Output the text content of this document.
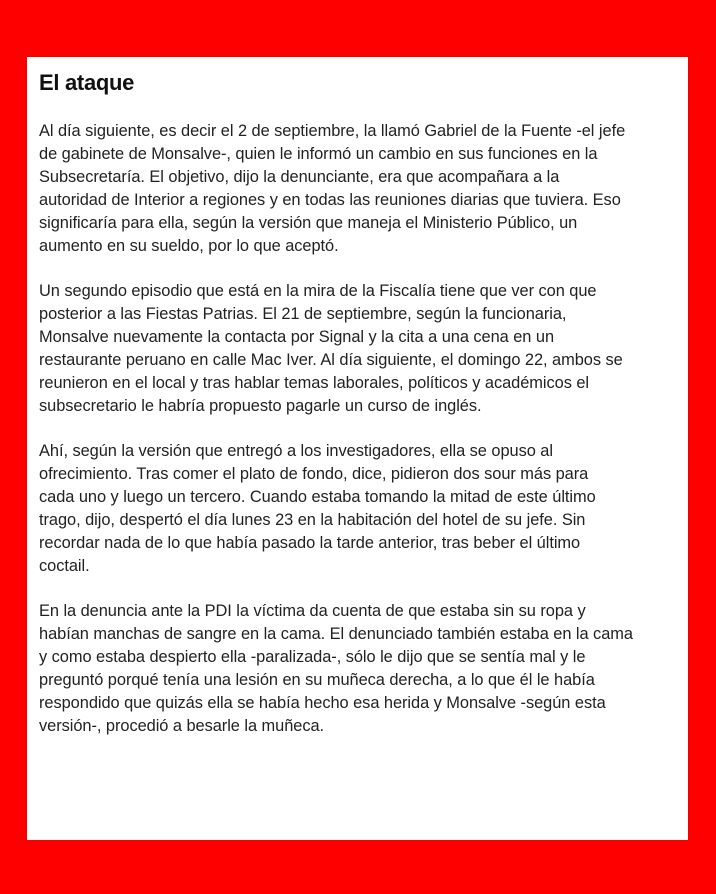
El ataque

Al día siguiente, es decir el 2 de septiembre, la llamó Gabriel de la Fuente -el jefe
de gabinete de Monsalve-, quien le informó un cambio en sus funciones en la
Subsecretaría. El objetivo, dijo la denunciante, era que acompañara a la
autoridad de Interior a regiones y en todas las reuniones diarias que tuviera. Eso
significaría para ella, según la versión que maneja el Ministerio Público, un
aumento en su sueldo, por lo que aceptó.

Un segundo episodio que está en la mira de la Fiscalía tiene que ver con que
posterior a las Fiestas Patrias. El 21 de septiembre, según la funcionaria,
Monsalve nuevamente la contacta por Signal y la cita a una cena en un
restaurante peruano en calle Mac Iver. Al día siguiente, el domingo 22, ambos se
reunieron en el local y tras hablar temas laborales, políticos y académicos el
subsecretario le habría propuesto pagarle un curso de inglés.

Ahí, según la versión que entregó a los investigadores, ella se opuso al
ofrecimiento. Tras comer el plato de fondo, dice, pidieron dos sour más para
cada uno y luego un tercero. Cuando estaba tomando la mitad de este último
trago, dijo, despertó el día lunes 23 en la habitación del hotel de su jefe. Sin
recordar nada de lo que había pasado la tarde anterior, tras beber el último
coctail.

En la denuncia ante la PDI la víctima da cuenta de que estaba sin su ropa y
habían manchas de sangre en la cama. El denunciado también estaba en la cama
y como estaba despierto ella -paralizada-, sólo le dijo que se sentía mal y le
preguntó porqué tenía una lesión en su muñeca derecha, a lo que él le había
respondido que quizás ella se había hecho esa herida y Monsalve -según esta
versión-, procedió a besarle la muñeca.
